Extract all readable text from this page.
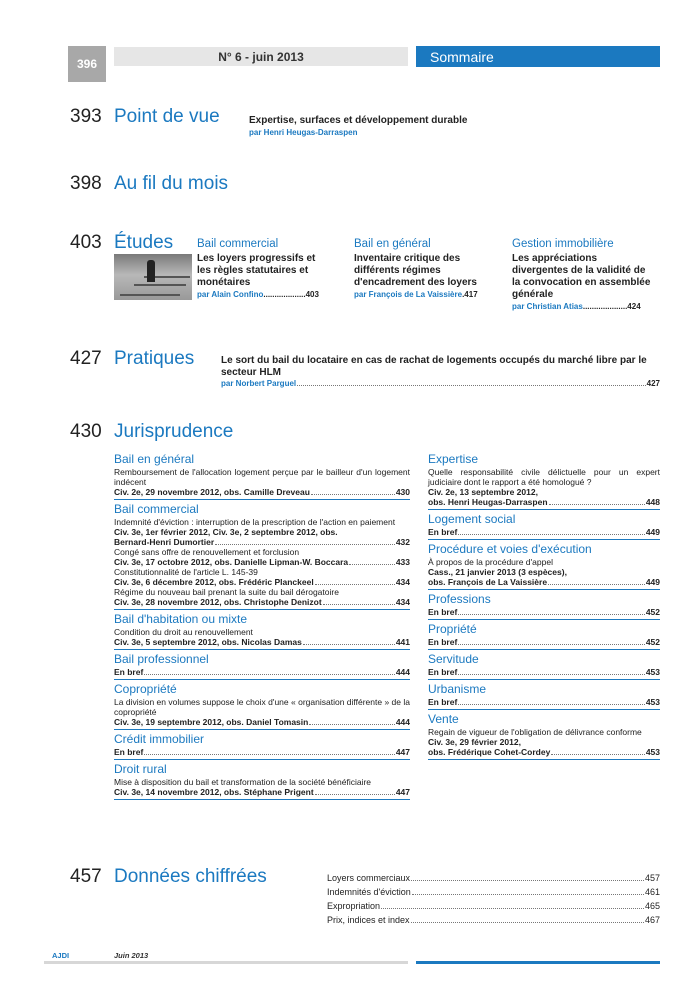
396
N° 6 - juin 2013	Sommaire
393 Point de vue	Expertise, surfaces et développement durable
par Henri Heugas-Darraspen
398 Au fil du mois
403 Études Bail commercial
Les loyers progressifs et les règles statutaires et monétaires
par Alain Confino...................403
Bail en général
Inventaire critique des différents régimes d'encadrement des loyers
par François de La Vaissière.417
Gestion immobilière
Les appréciations divergentes de la validité de la convocation en assemblée générale
par Christian Atias....................424
427 Pratiques	Le sort du bail du locataire en cas de rachat de logements occupés du marché libre par le secteur HLM
par Norbert Parguel	427
430 Jurisprudence
Bail en général
Remboursement de l'allocation logement perçue par le bailleur d'un logement indécent
Civ. 2e, 29 novembre 2012, obs. Camille Dreveau	430
Bail commercial
Indemnité d'éviction : interruption de la prescription de l'action en paiement
Civ. 3e, 1er février 2012, Civ. 3e, 2 septembre 2012, obs.
Bernard-Henri Dumortier	432
Congé sans offre de renouvellement et forclusion
Civ. 3e, 17 octobre 2012, obs. Danielle Lipman-W. Boccara	433
Constitutionnalité de l'article L. 145-39
Civ. 3e, 6 décembre 2012, obs. Frédéric Planckeel	434
Régime du nouveau bail prenant la suite du bail dérogatoire
Civ. 3e, 28 novembre 2012, obs. Christophe Denizot	434
Bail d'habitation ou mixte
Condition du droit au renouvellement
Civ. 3e, 5 septembre 2012, obs. Nicolas Damas	441
Bail professionnel
En bref	444
Copropriété
La division en volumes suppose le choix d'une « organisation différente » de la copropriété
Civ. 3e, 19 septembre 2012, obs. Daniel Tomasin	444
Crédit immobilier
En bref	447
Droit rural
Mise à disposition du bail et transformation de la société bénéficiaire
Civ. 3e, 14 novembre 2012, obs. Stéphane Prigent	447
Expertise
Quelle responsabilité civile délictuelle pour un expert judiciaire dont le rapport a été homologué ?
Civ. 2e, 13 septembre 2012,
obs. Henri Heugas-Darraspen	448
Logement social
En bref	449
Procédure et voies d'exécution
À propos de la procédure d'appel
Cass., 21 janvier 2013 (3 espèces),
obs. François de La Vaissière	449
Professions
En bref	452
Propriété
En bref	452
Servitude
En bref	453
Urbanisme
En bref	453
Vente
Regain de vigueur de l'obligation de délivrance conforme
Civ. 3e, 29 février 2012,
obs. Frédérique Cohet-Cordey	453
457 Données chiffrées	Loyers commerciaux	457
Indemnités d'éviction	461
Expropriation	465
Prix, indices et index	467
AJDI	Juin 2013
